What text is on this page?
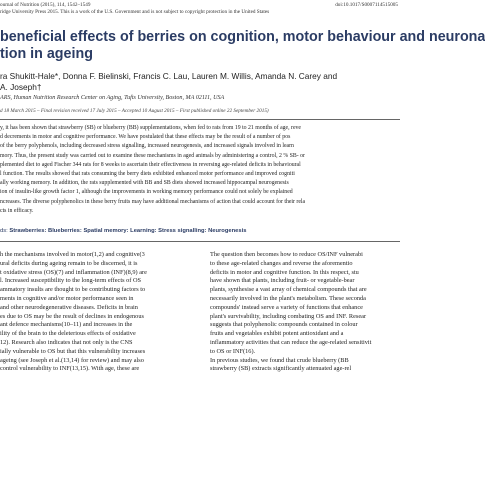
ournal of Nutrition (2015), 114, 1542–1549
ridge University Press 2015. This is a work of the U.S. Government and is not subject to copyright protection in the United States
doi:10.1017/S0007114515005
beneficial effects of berries on cognition, motor behaviour and neurona
tion in ageing
ra Shukitt-Hale*, Donna F. Bielinski, Francis C. Lau, Lauren M. Willis, Amanda N. Carey and
A. Joseph†
ARS, Human Nutrition Research Center on Aging, Tufts University, Boston, MA 02111, USA
d 18 March 2015 – Final revision received 17 July 2015 – Accepted 10 August 2015 – First published online 22 September 2015)
y, it has been shown that strawberry (SB) or blueberry (BB) supplementations, when fed to rats from 19 to 21 months of age, reve
d decrements in motor and cognitive performance. We have postulated that these effects may be the result of a number of pos
of the berry polyphenols, including decreased stress signalling, increased neurogenesis, and increased signals involved in learn
mory. Thus, the present study was carried out to examine these mechanisms in aged animals by administering a control, 2 % SB- or
plemented diet to aged Fischer 344 rats for 8 weeks to ascertain their effectiveness in reversing age-related deficits in behavioural
l function. The results showed that rats consuming the berry diets exhibited enhanced motor performance and improved cogniti
ally working memory. In addition, the rats supplemented with BB and SB diets showed increased hippocampal neurogenesis
ion of insulin-like growth factor 1, although the improvements in working memory performance could not solely be explained
ncreases. The diverse polyphenolics in these berry fruits may have additional mechanisms of action that could account for their rela
cts in efficacy.
ds: Strawberries: Blueberries: Spatial memory: Learning: Stress signalling: Neurogenesis
h the mechanisms involved in motor(1,2) and cognitive(3
ural deficits during ageing remain to be discerned, it is
t oxidative stress (OS)(7) and inflammation (INF)(8,9) are
l. Increased susceptibility to the long-term effects of OS
ammatory insults are thought to be contributing factors to
ments in cognitive and/or motor performance seen in
and other neurodegenerative diseases. Deficits in brain
es due to OS may be the result of declines in endogenous
ant defence mechanisms(10–11) and increases in the
ility of the brain to the deleterious effects of oxidative
12). Research also indicates that not only is the CNS
ially vulnerable to OS but that this vulnerability increases
ageing (see Joseph et al.(13,14) for review) and may also
control vulnerability to INF(13,15). With age, these are
The question then becomes how to reduce OS/INF vulnerabi
to these age-related changes and reverse the aforementio
deficits in motor and cognitive function. In this respect, stu
have shown that plants, including fruit- or vegetable-bear
plants, synthesise a vast array of chemical compounds that are
necessarily involved in the plant's metabolism. These seconda
compounds' instead serve a variety of functions that enhance
plant's survivability, including combating OS and INF. Resear
suggests that polyphenolic compounds contained in colour
fruits and vegetables exhibit potent antioxidant and a
inflammatory activities that can reduce the age-related sensitivit
to OS or INF(16).
In previous studies, we found that crude blueberry (BB
strawberry (SB) extracts significantly attenuated age-rel
